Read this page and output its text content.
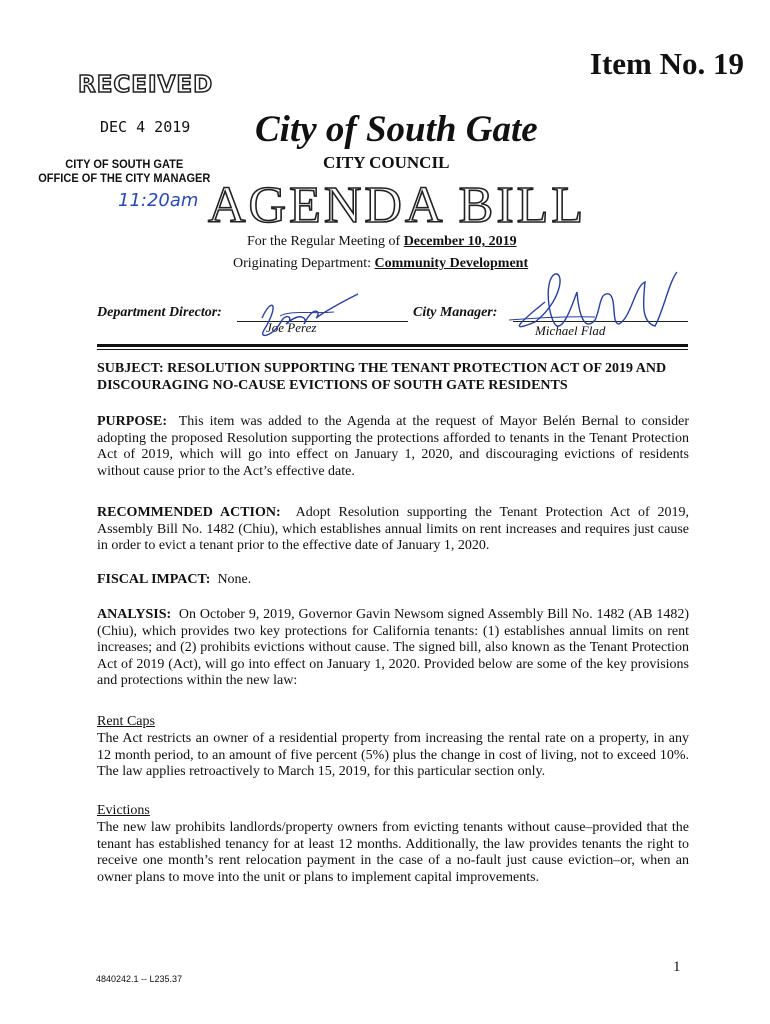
Item No. 19
RECEIVED
DEC 4 2019
CITY OF SOUTH GATE
OFFICE OF THE CITY MANAGER
11:20am
City of South Gate
CITY COUNCIL
AGENDA BILL
For the Regular Meeting of December 10, 2019
Originating Department: Community Development
Department Director:
Joe Perez
City Manager:
Michael Flad
SUBJECT: RESOLUTION SUPPORTING THE TENANT PROTECTION ACT OF 2019 AND DISCOURAGING NO-CAUSE EVICTIONS OF SOUTH GATE RESIDENTS
PURPOSE: This item was added to the Agenda at the request of Mayor Belén Bernal to consider adopting the proposed Resolution supporting the protections afforded to tenants in the Tenant Protection Act of 2019, which will go into effect on January 1, 2020, and discouraging evictions of residents without cause prior to the Act’s effective date.
RECOMMENDED ACTION: Adopt Resolution supporting the Tenant Protection Act of 2019, Assembly Bill No. 1482 (Chiu), which establishes annual limits on rent increases and requires just cause in order to evict a tenant prior to the effective date of January 1, 2020.
FISCAL IMPACT: None.
ANALYSIS: On October 9, 2019, Governor Gavin Newsom signed Assembly Bill No. 1482 (AB 1482) (Chiu), which provides two key protections for California tenants: (1) establishes annual limits on rent increases; and (2) prohibits evictions without cause. The signed bill, also known as the Tenant Protection Act of 2019 (Act), will go into effect on January 1, 2020. Provided below are some of the key provisions and protections within the new law:
Rent Caps
The Act restricts an owner of a residential property from increasing the rental rate on a property, in any 12 month period, to an amount of five percent (5%) plus the change in cost of living, not to exceed 10%. The law applies retroactively to March 15, 2019, for this particular section only.
Evictions
The new law prohibits landlords/property owners from evicting tenants without cause–provided that the tenant has established tenancy for at least 12 months. Additionally, the law provides tenants the right to receive one month’s rent relocation payment in the case of a no-fault just cause eviction–or, when an owner plans to move into the unit or plans to implement capital improvements.
1
4840242.1 -- L235.37
